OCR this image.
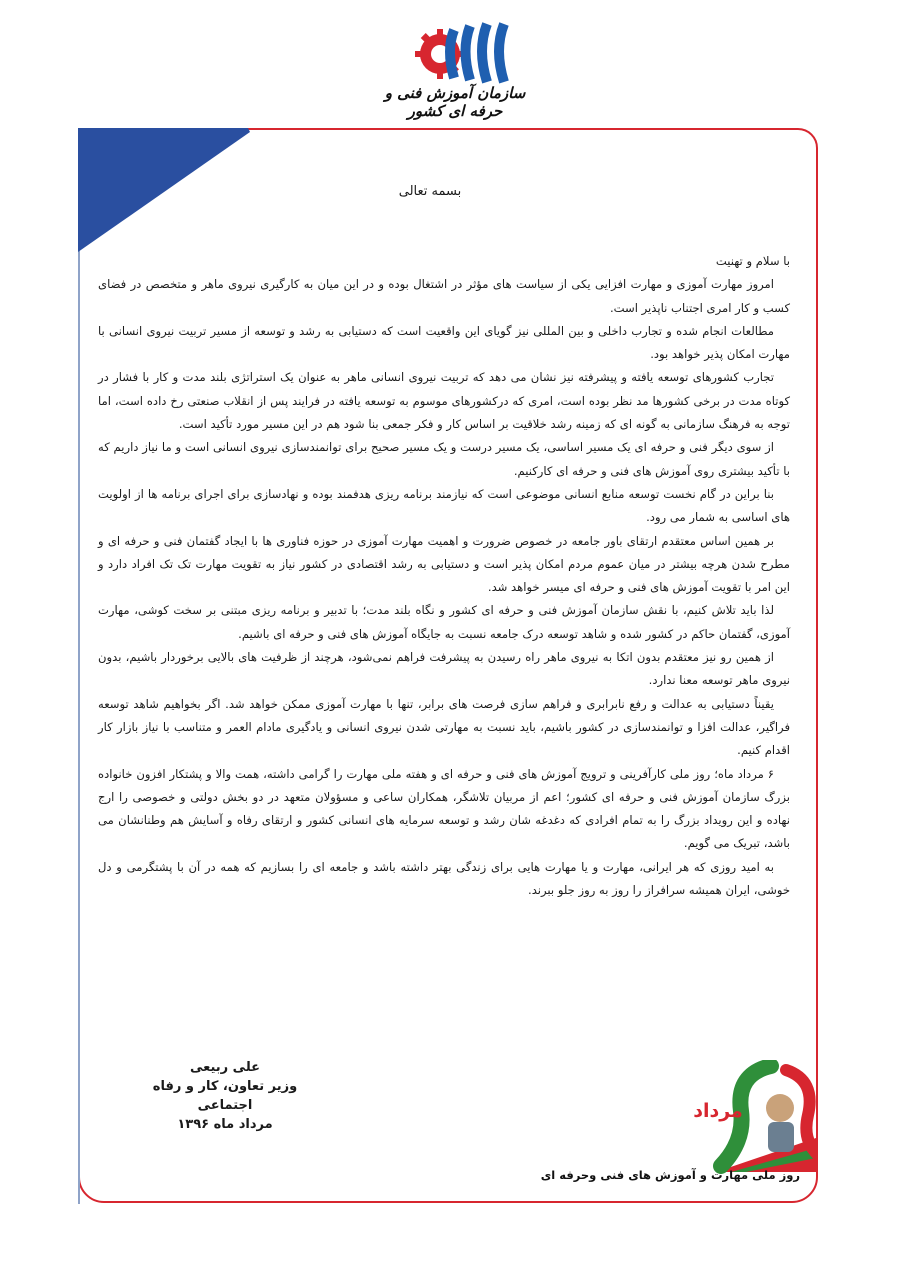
سازمان آموزش فنی و حرفه ای کشور
بسمه تعالی

با سلام و تهنیت

امروز مهارت آموزی و مهارت افزایی یکی از سیاست های مؤثر در اشتغال بوده و در این میان به کارگیری نیروی ماهر و متخصص در فضای کسب و کار امری اجتناب ناپذیر است.

مطالعات انجام شده و تجارب داخلی و بین المللی نیز گویای این واقعیت است که دستیابی به رشد و توسعه از مسیر تربیت نیروی انسانی با مهارت امکان پذیر خواهد بود.

تجارب کشورهای توسعه یافته و پیشرفته نیز نشان می دهد که تربیت نیروی انسانی ماهر به عنوان یک استراتژی بلند مدت و کار با فشار در کوتاه مدت در برخی کشورها مد نظر بوده است، امری که درکشورهای موسوم به توسعه یافته در فرایند پس از انقلاب صنعتی رخ داده است، اما توجه به فرهنگ سازمانی به گونه ای که زمینه رشد خلاقیت بر اساس کار و فکر جمعی بنا شود هم در این مسیر مورد تأکید است.

از سوی دیگر فنی و حرفه ای یک مسیر اساسی، یک مسیر درست و یک مسیر صحیح برای توانمندسازی نیروی انسانی است و ما نیاز داریم که با تأکید بیشتری روی آموزش های فنی و حرفه ای کارکنیم.

بنا براین در گام نخست توسعه منابع انسانی موضوعی است که نیازمند برنامه ریزی هدفمند بوده و نهادسازی برای اجرای برنامه ها از اولویت های اساسی به شمار می رود.

بر همین اساس معتقدم ارتقای باور جامعه در خصوص ضرورت و اهمیت مهارت آموزی در حوزه فناوری ها با ایجاد گفتمان فنی و حرفه ای و مطرح شدن هرچه بیشتر در میان عموم مردم امکان پذیر است و دستیابی به رشد اقتصادی در کشور نیاز به تقویت مهارت تک تک افراد دارد و این امر با تقویت آموزش های فنی و حرفه ای میسر خواهد شد.

لذا باید تلاش کنیم، با نقش سازمان آموزش فنی و حرفه ای کشور و نگاه بلند مدت؛ با تدبیر و برنامه ریزی مبتنی بر سخت کوشی، مهارت آموزی، گفتمان حاکم در کشور شده و شاهد توسعه درک جامعه نسبت به جایگاه آموزش های فنی و حرفه ای باشیم.

از همین رو نیز معتقدم بدون اتکا به نیروی ماهر راه رسیدن به پیشرفت فراهم نمی‌شود، هرچند از ظرفیت های بالایی برخوردار باشیم، بدون نیروی ماهر توسعه معنا ندارد.

یقیناً دستیابی به عدالت و رفع نابرابری و فراهم سازی فرصت های برابر، تنها با مهارت آموزی ممکن خواهد شد. اگر بخواهیم شاهد توسعه فراگیر، عدالت افزا و توانمندسازی در کشور باشیم، باید نسبت به مهارتی شدن نیروی انسانی و یادگیری مادام العمر و متناسب با نیاز بازار کار اقدام کنیم.

۶ مرداد ماه؛ روز ملی کارآفرینی و ترویج آموزش های فنی و حرفه ای و هفته ملی مهارت را گرامی داشته، همت والا و پشتکار افزون خانواده بزرگ سازمان آموزش فنی و حرفه ای کشور؛ اعم از مربیان تلاشگر، همکاران ساعی و مسؤولان متعهد در دو بخش دولتی و خصوصی را ارج نهاده و این رویداد بزرگ را به تمام افرادی که دغدغه شان رشد و توسعه سرمایه های انسانی کشور و ارتقای رفاه و آسایش هم وطنانشان می باشد، تبریک می گویم.

به امید روزی که هر ایرانی، مهارت و یا مهارت هایی برای زندگی بهتر داشته باشد و جامعه ای را بسازیم که همه در آن با پشتگرمی و دل خوشی، ایران همیشه سرافراز را روز به روز جلو ببرند.

علی ربیعی
وزیر تعاون، کار و رفاه اجتماعی
مرداد ماه ۱۳۹۶
مرداد
روز ملی مهارت و آموزش های فنی وحرفه ای
